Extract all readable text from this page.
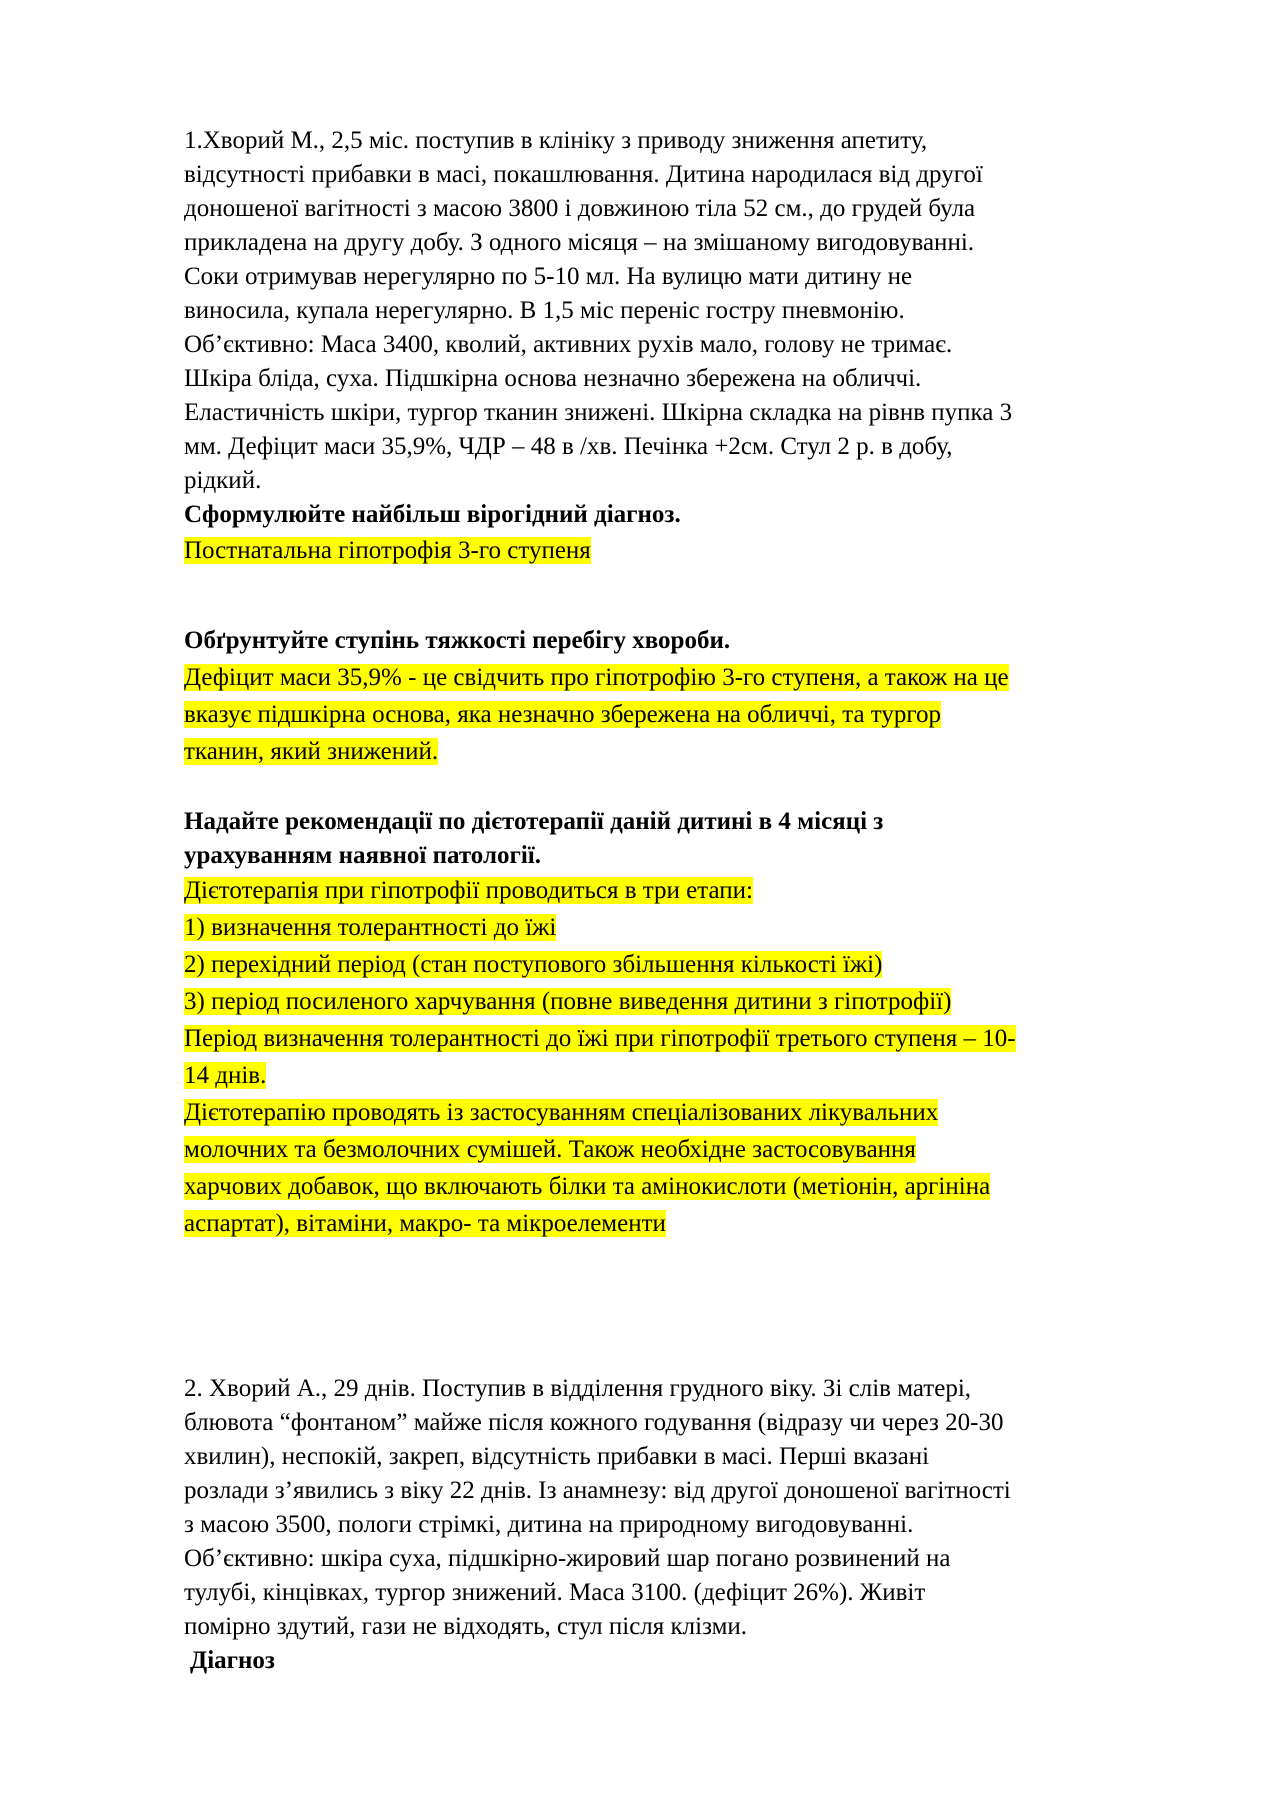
1.Хворий М., 2,5 міс. поступив в клініку з приводу зниження апетиту,

відсутності прибавки в масі, покашлювання. Дитина народилася від другої

доношеної вагітності з масою 3800 і довжиною тіла 52 см., до грудей була

прикладена на другу добу. З одного місяця – на змішаному вигодовуванні.

Соки отримував нерегулярно по 5-10 мл. На вулицю мати дитину не

виносила, купала нерегулярно. В 1,5 міс переніс гостру пневмонію.

Об’єктивно: Маса 3400, кволий, активних рухів мало, голову не тримає.

Шкіра бліда, суха. Підшкірна основа незначно збережена на обличчі.

Еластичність шкіри, тургор тканин знижені. Шкірна складка на рівнв пупка 3

мм. Дефіцит маси 35,9%, ЧДР – 48 в /хв. Печінка +2см. Стул 2 р. в добу,

рідкий.

Сформулюйте найбільш вірогідний діагноз.

Постнатальна гіпотрофія 3-го ступеня

Обґрунтуйте ступінь тяжкості перебігу хвороби.

Дефіцит маси 35,9% - це свідчить про гіпотрофію 3-го ступеня, а також на це

вказує підшкірна основа, яка незначно збережена на обличчі, та тургор

тканин, який знижений.

Надайте рекомендації по дієтотерапії даній дитині в 4 місяці з

урахуванням наявної патології.

Дієтотерапія при гіпотрофії проводиться в три етапи:

1) визначення толерантності до їжі

2) перехідний період (стан поступового збільшення кількості їжі)

3) період посиленого харчування (повне виведення дитини з гіпотрофії)

Період визначення толерантності до їжі при гіпотрофії третього ступеня – 10-

14 днів.

Дієтотерапію проводять із застосуванням спеціалізованих лікувальних

молочних та безмолочних сумішей. Також необхідне застосовування

харчових добавок, що включають білки та амінокислоти (метіонін, аргініна

аспартат), вітаміни, макро- та мікроелементи

2. Хворий А., 29 днів. Поступив в відділення грудного віку. Зі слів матері,

блювота “фонтаном” майже після кожного годування (відразу чи через 20-30

хвилин), неспокій, закреп, відсутність прибавки в масі. Перші вказані

розлади з’явились з віку 22 днів. Із анамнезу: від другої доношеної вагітності

з масою 3500, пологи стрімкі, дитина на природному вигодовуванні.

Об’єктивно: шкіра суха, підшкірно-жировий шар погано розвинений на

тулубі, кінцівках, тургор знижений. Маса 3100. (дефіцит 26%). Живіт

помірно здутий, гази не відходять, стул після клізми.

Діагноз
